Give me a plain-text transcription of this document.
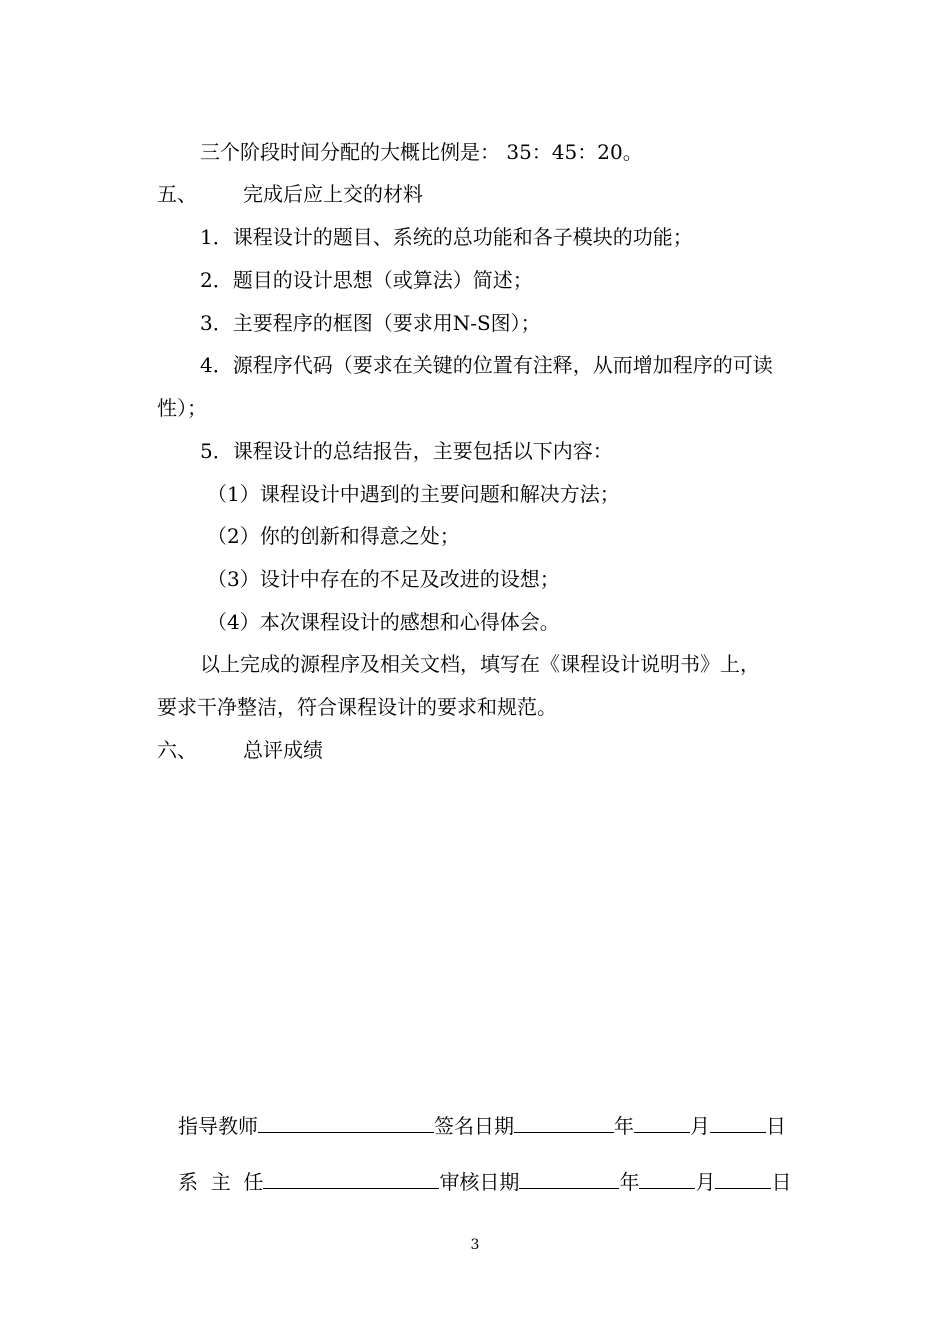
三个阶段时间分配的大概比例是： 35：45：20。
五、 完成后应上交的材料
1．课程设计的题目、系统的总功能和各子模块的功能；
2．题目的设计思想（或算法）简述；
3．主要程序的框图（要求用N-S图）；
4．源程序代码（要求在关键的位置有注释，从而增加程序的可读
性）；
5．课程设计的总结报告，主要包括以下内容：
（1）课程设计中遇到的主要问题和解决方法；
（2）你的创新和得意之处；
（3）设计中存在的不足及改进的设想；
（4）本次课程设计的感想和心得体会。
以上完成的源程序及相关文档，填写在《课程设计说明书》上，
要求干净整洁，符合课程设计的要求和规范。
六、 总评成绩
指导教师	签名日期	年	月	日
系  主  任	审核日期	年	月	日
3
